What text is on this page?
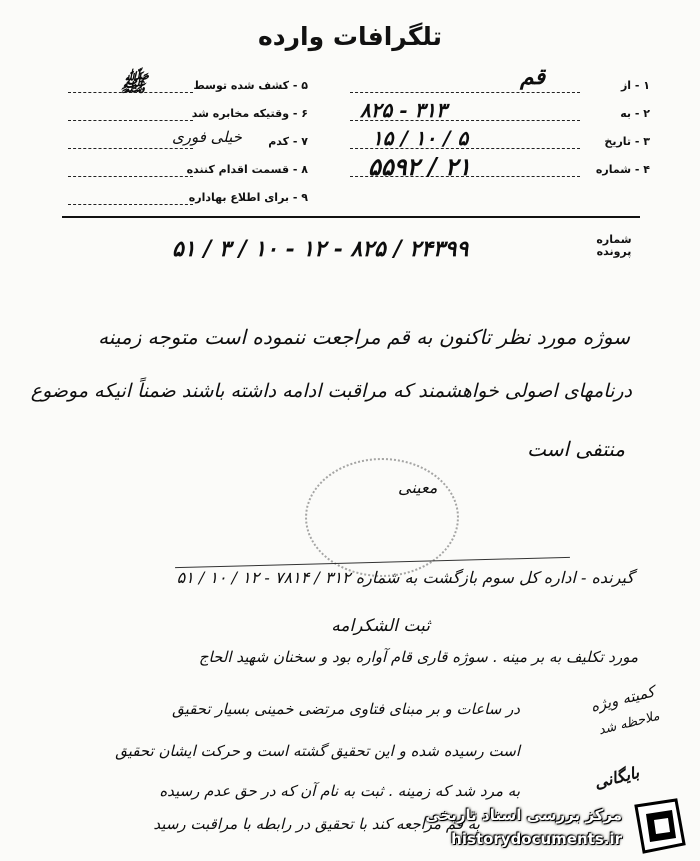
تلگرافات وارده
۱ - از
قم
۲ - به
۳۱۳ - ۸۲۵
۳ - تاریخ
۵ / ۱۰ / ۱۵
۴ - شماره
۲۱ / ۵۵۹۲
۵ - کشف شده توسط
ﷺ
۶ - وقتیکه مخابره شد
۷ - کدم
خیلی فوری
۸ - قسمت اقدام کننده
۹ - برای اطلاع بهاداره
شماره پرونده
۲۴۳۹۹ / ۸۲۵ - ۱۲ - ۱۰ / ۳ / ۵۱
سوژه مورد نظر تاکنون به قم مراجعت ننموده است متوجه زمینه
درنامهای اصولی خواهشمند که مراقبت ادامه داشته باشند ضمناً انیکه موضوع
منتفی است
معینی
گیرنده - اداره کل سوم بازگشت به شماره ۳۱۲ / ۷۸۱۴ - ۱۲ / ۱۰ / ۵۱
ثبت الشکرامه
مورد تکلیف به بر مینه . سوژه قاری قام آواره بود و سخنان شهید الحاج
در ساعات و بر مبنای فتاوی مرتضی خمینی بسیار تحقیق
است رسیده شده و این تحقیق گشته است و حرکت ایشان تحقیق
به مرد شد که زمینه . ثبت به نام آن که در حق عدم رسیده
به قم مراجعه کند با تحقیق در رابطه با مراقبت رسید
کمیته ویژه
ملاحظه شد
بایگانی
مرکز بررسی اسناد تاریخی
historydocuments.ir
